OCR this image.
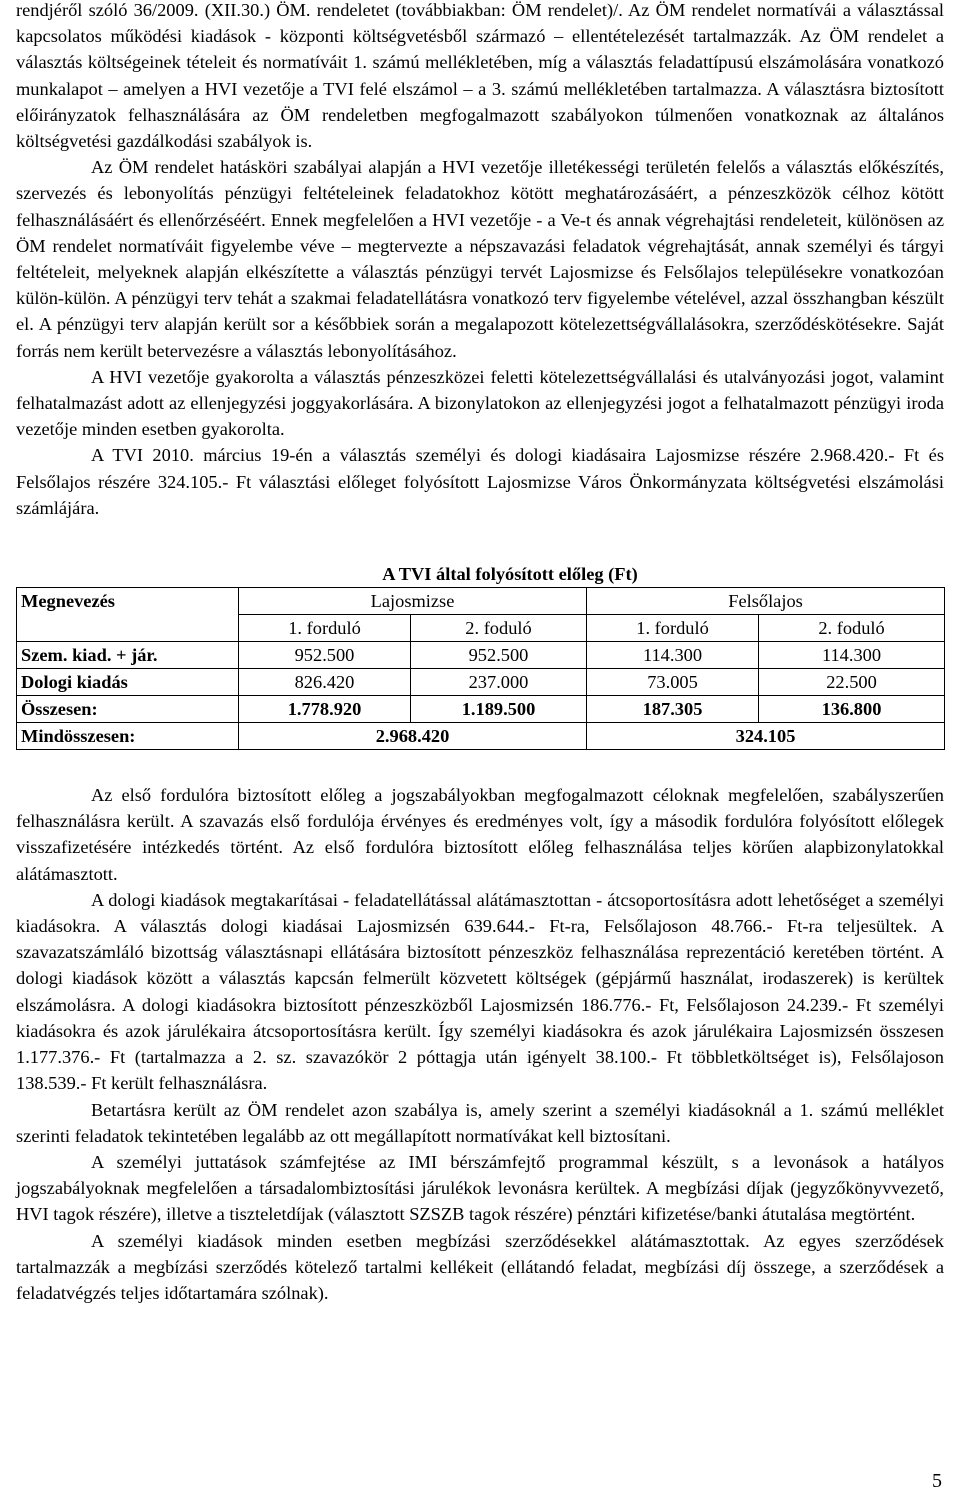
rendjéről szóló 36/2009. (XII.30.) ÖM. rendeletet (továbbiakban: ÖM rendelet)/. Az ÖM rendelet normatívái a választással kapcsolatos működési kiadások - központi költségvetésből származó – ellentételezését tartalmazzák. Az ÖM rendelet a választás költségeinek tételeit és normatíváit 1. számú mellékletében, míg a választás feladattípusú elszámolására vonatkozó munkalapot – amelyen a HVI vezetője a TVI felé elszámol – a 3. számú mellékletében tartalmazza. A választásra biztosított előirányzatok felhasználására az ÖM rendeletben megfogalmazott szabályokon túlmenően vonatkoznak az általános költségvetési gazdálkodási szabályok is.

Az ÖM rendelet hatásköri szabályai alapján a HVI vezetője illetékességi területén felelős a választás előkészítés, szervezés és lebonyolítás pénzügyi feltételeinek feladatokhoz kötött meghatározásáért, a pénzeszközök célhoz kötött felhasználásáért és ellenőrzéséért. Ennek megfelelően a HVI vezetője - a Ve-t és annak végrehajtási rendeleteit, különösen az ÖM rendelet normatíváit figyelembe véve – megtervezte a népszavazási feladatok végrehajtását, annak személyi és tárgyi feltételeit, melyeknek alapján elkészítette a választás pénzügyi tervét Lajosmizse és Felsőlajos településekre vonatkozóan külön-külön. A pénzügyi terv tehát a szakmai feladatellátásra vonatkozó terv figyelembe vételével, azzal összhangban készült el. A pénzügyi terv alapján került sor a későbbiek során a megalapozott kötelezettségvállalásokra, szerződéskötésekre. Saját forrás nem került betervezésre a választás lebonyolításához.

A HVI vezetője gyakorolta a választás pénzeszközei feletti kötelezettségvállalási és utalványozási jogot, valamint felhatalmazást adott az ellenjegyzési joggyakorlására. A bizonylatokon az ellenjegyzési jogot a felhatalmazott pénzügyi iroda vezetője minden esetben gyakorolta.

A TVI 2010. március 19-én a választás személyi és dologi kiadásaira Lajosmizse részére 2.968.420.- Ft és Felsőlajos részére 324.105.- Ft választási előleget folyósított Lajosmizse Város Önkormányzata költségvetési elszámolási számlájára.

A TVI által folyósított előleg (Ft)

Megnevezés	Lajosmizse		Felsőlajos	
	1. forduló	2. foduló	1. forduló	2. foduló
Szem. kiad. + jár.	952.500	952.500	114.300	114.300
Dologi kiadás	826.420	237.000	73.005	22.500
Összesen:	1.778.920	1.189.500	187.305	136.800
Mindösszesen:	2.968.420		324.105	

Az első fordulóra biztosított előleg a jogszabályokban megfogalmazott céloknak megfelelően, szabályszerűen felhasználásra került. A szavazás első fordulója érvényes és eredményes volt, így a második fordulóra folyósított előlegek visszafizetésére intézkedés történt. Az első fordulóra biztosított előleg felhasználása teljes körűen alapbizonylatokkal alátámasztott.

A dologi kiadások megtakarításai - feladatellátással alátámasztottan - átcsoportosításra adott lehetőséget a személyi kiadásokra. A választás dologi kiadásai Lajosmizsén 639.644.- Ft-ra, Felsőlajoson 48.766.- Ft-ra teljesültek. A szavazatszámláló bizottság választásnapi ellátására biztosított pénzeszköz felhasználása reprezentáció keretében történt. A dologi kiadások között a választás kapcsán felmerült közvetett költségek (gépjármű használat, irodaszerek) is kerültek elszámolásra. A dologi kiadásokra biztosított pénzeszközből Lajosmizsén 186.776.- Ft, Felsőlajoson 24.239.- Ft személyi kiadásokra és azok járulékaira átcsoportosításra került. Így személyi kiadásokra és azok járulékaira Lajosmizsén összesen 1.177.376.- Ft (tartalmazza a 2. sz. szavazókör 2 póttagja után igényelt 38.100.- Ft többletköltséget is), Felsőlajoson 138.539.- Ft került felhasználásra.

Betartásra került az ÖM rendelet azon szabálya is, amely szerint a személyi kiadásoknál a 1. számú melléklet szerinti feladatok tekintetében legalább az ott megállapított normatívákat kell biztosítani.

A személyi juttatások számfejtése az IMI bérszámfejtő programmal készült, s a levonások a hatályos jogszabályoknak megfelelően a társadalombiztosítási járulékok levonásra kerültek. A megbízási díjak (jegyzőkönyvvezető, HVI tagok részére), illetve a tiszteletdíjak (választott SZSZB tagok részére) pénztári kifizetése/banki átutalása megtörtént.

A személyi kiadások minden esetben megbízási szerződésekkel alátámasztottak. Az egyes szerződések tartalmazzák a megbízási szerződés kötelező tartalmi kellékeit (ellátandó feladat, megbízási díj összege, a szerződések a feladatvégzés teljes időtartamára szólnak).

5
